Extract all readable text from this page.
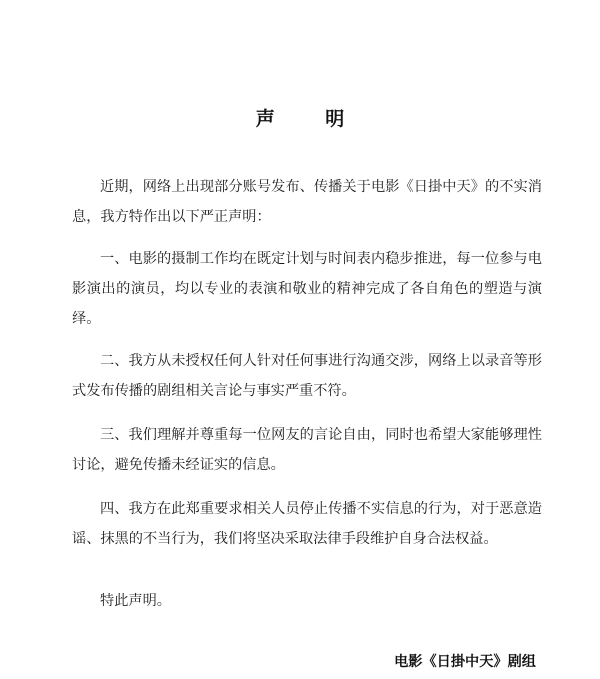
声 明

近期，网络上出现部分账号发布、传播关于电影《日掛中天》的不实消息，我方特作出以下严正声明：

一、电影的摄制工作均在既定计划与时间表内稳步推进，每一位参与电影演出的演员，均以专业的表演和敬业的精神完成了各自角色的塑造与演绎。

二、我方从未授权任何人针对任何事进行沟通交涉，网络上以录音等形式发布传播的剧组相关言论与事实严重不符。

三、我们理解并尊重每一位网友的言论自由，同时也希望大家能够理性讨论，避免传播未经证实的信息。

四、我方在此郑重要求相关人员停止传播不实信息的行为，对于恶意造谣、抹黑的不当行为，我们将坚决采取法律手段维护自身合法权益。

特此声明。

电影《日掛中天》剧组
